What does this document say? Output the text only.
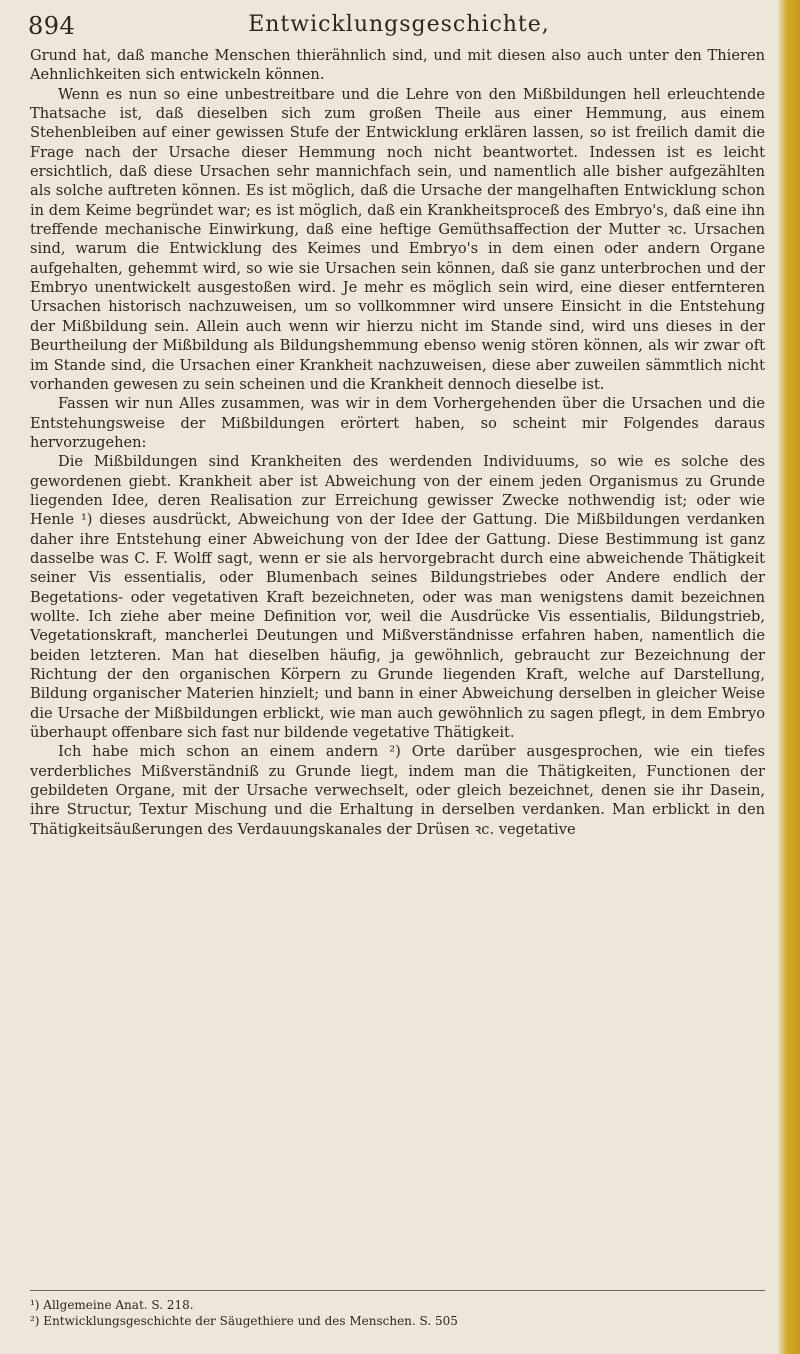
894	Entwicklungsgeschichte,

Grund hat, daß manche Menschen thierähnlich sind, und mit diesen also auch unter den Thieren Aehnlichkeiten sich entwickeln können.

Wenn es nun so eine unbestreitbare und die Lehre von den Mißbildungen hell erleuchtende Thatsache ist, daß dieselben sich zum großen Theile aus einer Hemmung, aus einem Stehenbleiben auf einer gewissen Stufe der Entwicklung erklären lassen, so ist freilich damit die Frage nach der Ursache dieser Hemmung noch nicht beantwortet. Indessen ist es leicht ersichtlich, daß diese Ursachen sehr mannichfach sein, und namentlich alle bisher aufgezählten als solche auftreten können. Es ist möglich, daß die Ursache der mangelhaften Entwicklung schon in dem Keime begründet war; es ist möglich, daß ein Krankheitsproceß des Embryo's, daß eine ihn treffende mechanische Einwirkung, daß eine heftige Gemüthsaffection der Mutter ꝛc. Ursachen sind, warum die Entwicklung des Keimes und Embryo's in dem einen oder andern Organe aufgehalten, gehemmt wird, so wie sie Ursachen sein können, daß sie ganz unterbrochen und der Embryo unentwickelt ausgestoßen wird. Je mehr es möglich sein wird, eine dieser entfernteren Ursachen historisch nachzuweisen, um so vollkommner wird unsere Einsicht in die Entstehung der Mißbildung sein. Allein auch wenn wir hierzu nicht im Stande sind, wird uns dieses in der Beurtheilung der Mißbildung als Bildungshemmung ebenso wenig stören können, als wir zwar oft im Stande sind, die Ursachen einer Krankheit nachzuweisen, diese aber zuweilen sämmtlich nicht vorhanden gewesen zu sein scheinen und die Krankheit dennoch dieselbe ist.

Fassen wir nun Alles zusammen, was wir in dem Vorhergehenden über die Ursachen und die Entstehungsweise der Mißbildungen erörtert haben, so scheint mir Folgendes daraus hervorzugehen:

Die Mißbildungen sind Krankheiten des werdenden Individuums, so wie es solche des gewordenen giebt. Krankheit aber ist Abweichung von der einem jeden Organismus zu Grunde liegenden Idee, deren Realisation zur Erreichung gewisser Zwecke nothwendig ist; oder wie Henle ¹) dieses ausdrückt, Abweichung von der Idee der Gattung. Die Mißbildungen verdanken daher ihre Entstehung einer Abweichung von der Idee der Gattung. Diese Bestimmung ist ganz dasselbe was C. F. Wolff sagt, wenn er sie als hervorgebracht durch eine abweichende Thätigkeit seiner Vis essentialis, oder Blumenbach seines Bildungstriebes oder Andere endlich der Begetations- oder vegetativen Kraft bezeichneten, oder was man wenigstens damit bezeichnen wollte. Ich ziehe aber meine Definition vor, weil die Ausdrücke Vis essentialis, Bildungstrieb, Vegetationskraft, mancherlei Deutungen und Mißverständnisse erfahren haben, namentlich die beiden letzteren. Man hat dieselben häufig, ja gewöhnlich, gebraucht zur Bezeichnung der Richtung der den organischen Körpern zu Grunde liegenden Kraft, welche auf Darstellung, Bildung organischer Materien hinzielt; und bann in einer Abweichung derselben in gleicher Weise die Ursache der Mißbildungen erblickt, wie man auch gewöhnlich zu sagen pflegt, in dem Embryo überhaupt offenbare sich fast nur bildende vegetative Thätigkeit.

Ich habe mich schon an einem andern ²) Orte darüber ausgesprochen, wie ein tiefes verderbliches Mißverständniß zu Grunde liegt, indem man die Thätigkeiten, Functionen der gebildeten Organe, mit der Ursache verwechselt, oder gleich bezeichnet, denen sie ihr Dasein, ihre Structur, Textur Mischung und die Erhaltung in derselben verdanken. Man erblickt in den Thätigkeitsäußerungen des Verdauungskanales der Drüsen ꝛc. vegetative

¹) Allgemeine Anat. S. 218.

²) Entwicklungsgeschichte der Säugethiere und des Menschen. S. 505
